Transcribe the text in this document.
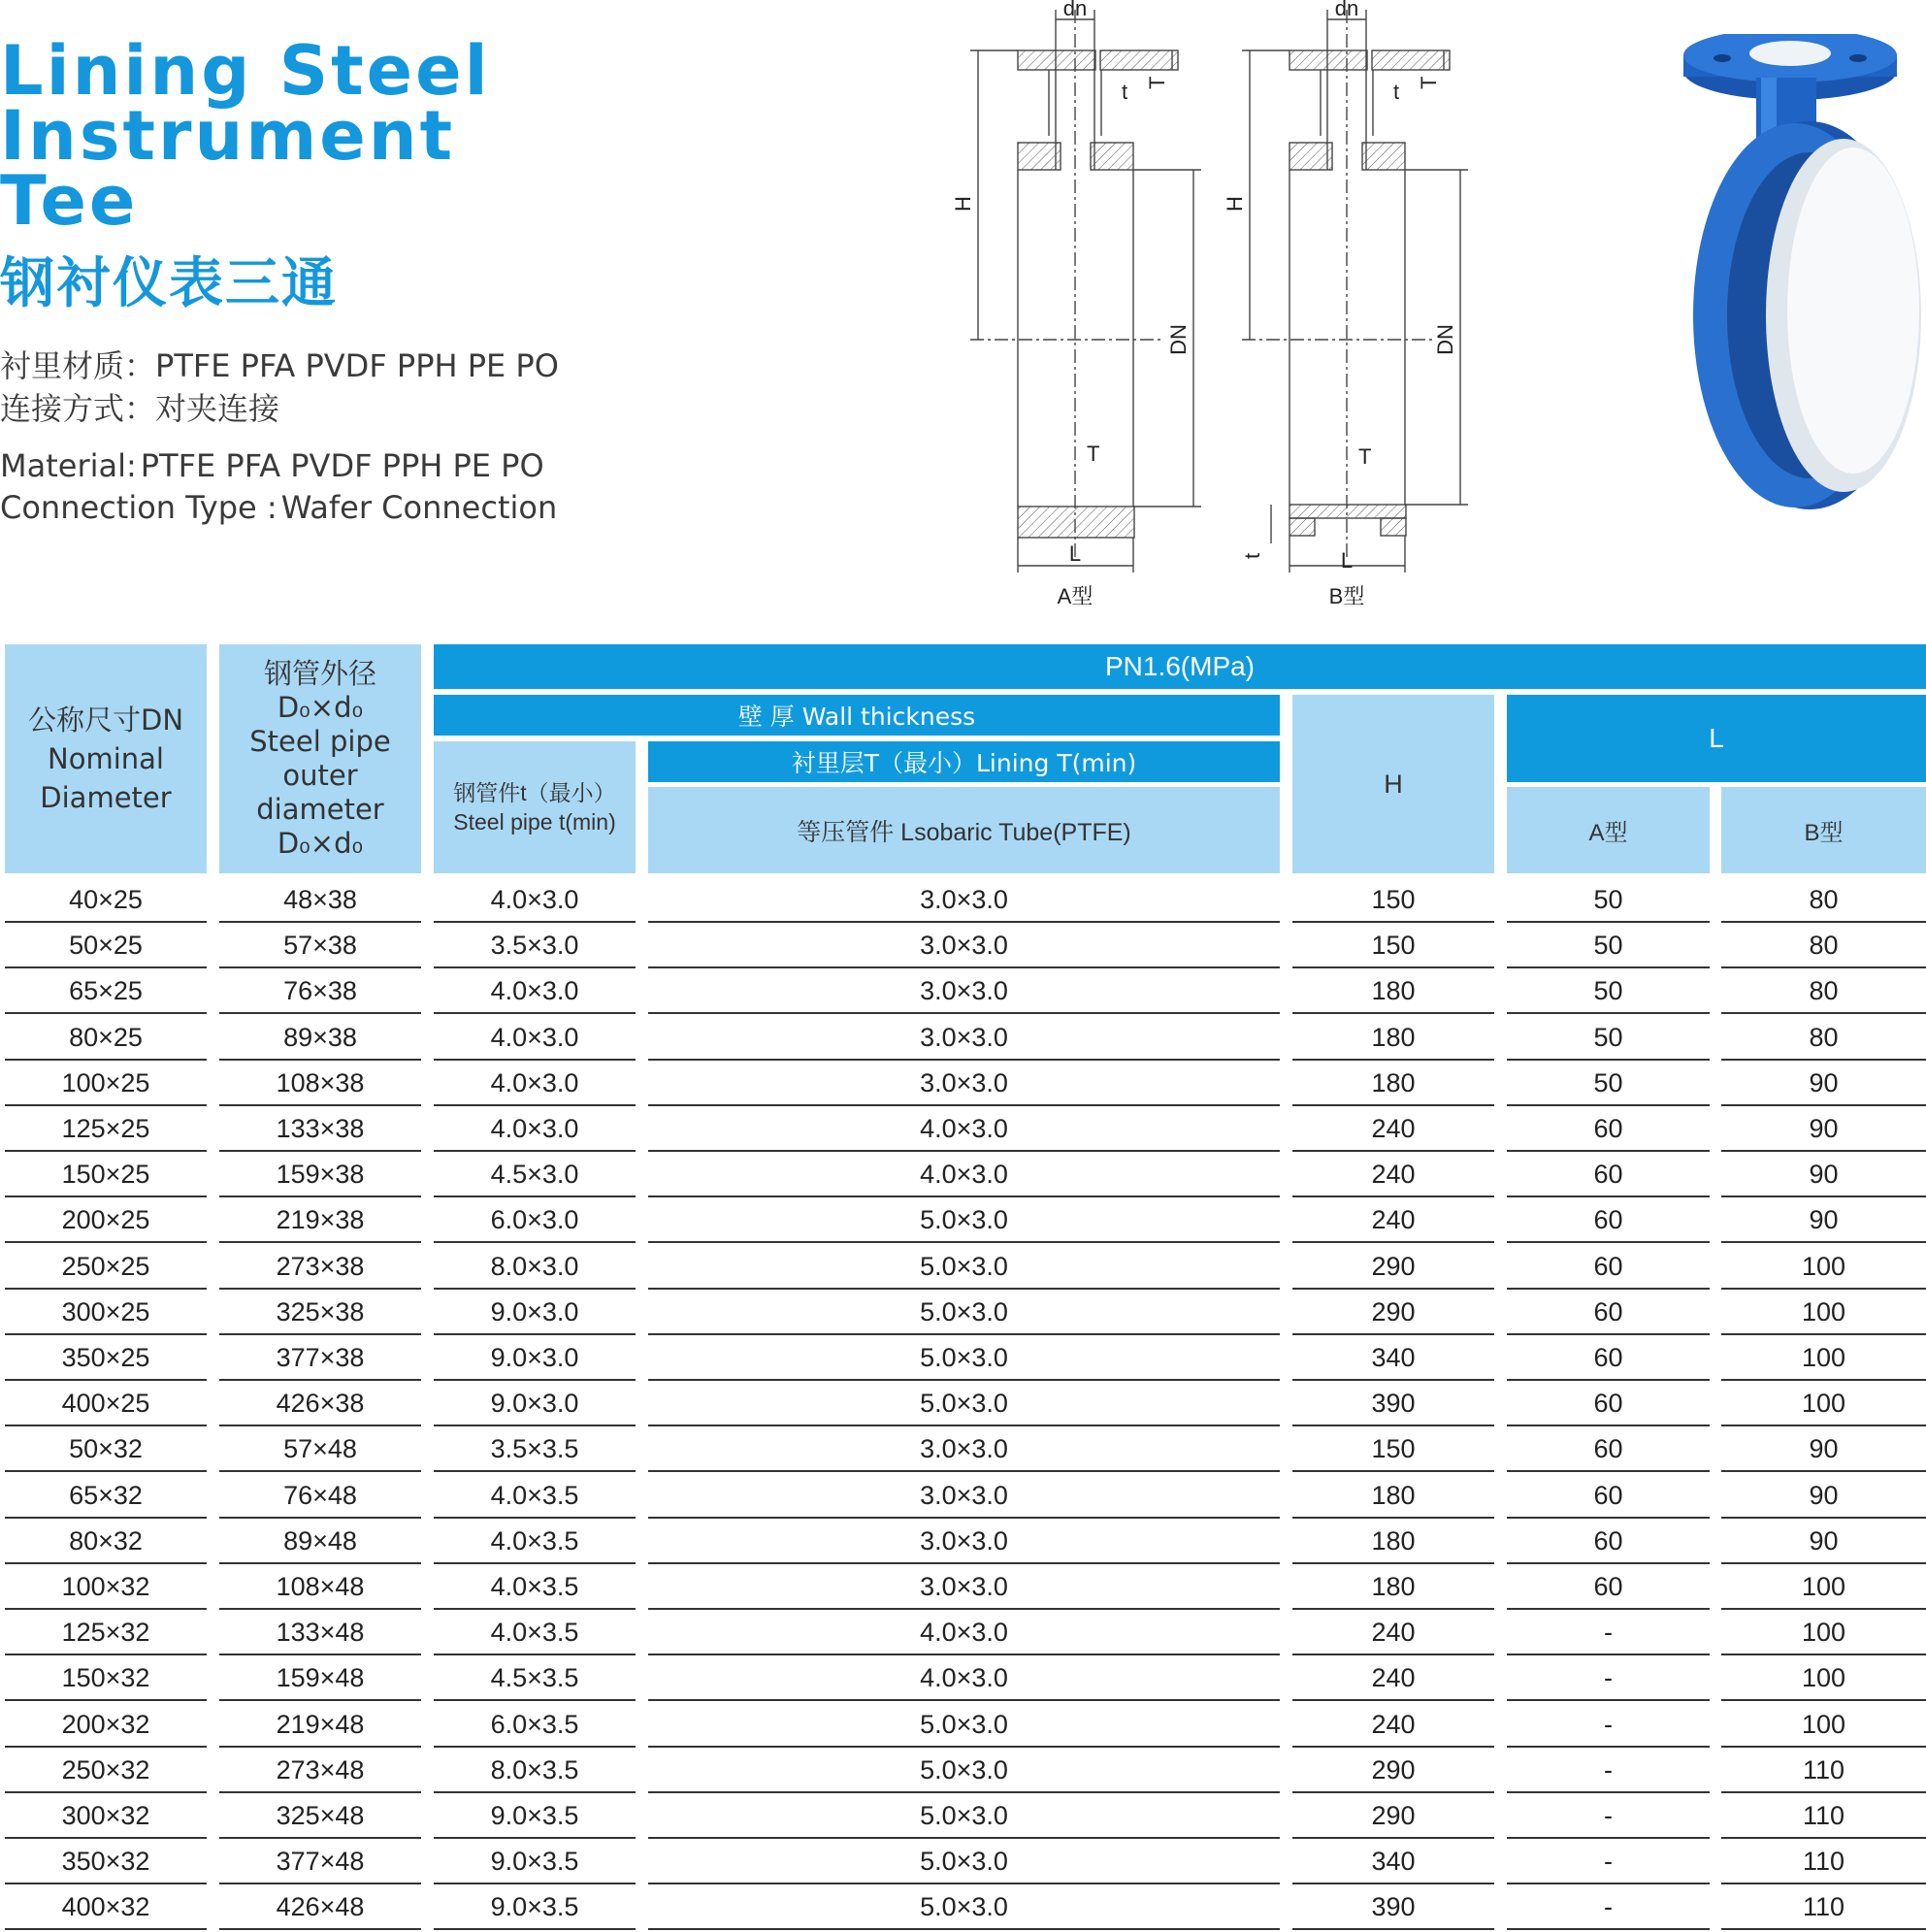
Lining Steel
Instrument
Tee
钢衬仪表三通
衬里材质：PTFE PFA PVDF PPH PE PO
连接方式：对夹连接
Material: PTFE PFA PVDF PPH PE PO
Connection Type : Wafer Connection
dn	dn
H	H
DN	DN
T	T
t	t
T	T
t
L	L
A型	B型
公称尺寸DN
Nominal
Diameter
钢管外径
D₀×d₀
Steel pipe
outer
diameter
D₀×d₀
PN1.6(MPa)
壁 厚 Wall thickness
钢管件t（最小）
Steel pipe t(min)
衬里层T（最小）Lining T(min)
等压管件 Lsobaric Tube(PTFE)
H
L
A型	B型
40×25	48×38	4.0×3.0	3.0×3.0	150	50	80
50×25	57×38	3.5×3.0	3.0×3.0	150	50	80
65×25	76×38	4.0×3.0	3.0×3.0	180	50	80
80×25	89×38	4.0×3.0	3.0×3.0	180	50	80
100×25	108×38	4.0×3.0	3.0×3.0	180	50	90
125×25	133×38	4.0×3.0	4.0×3.0	240	60	90
150×25	159×38	4.5×3.0	4.0×3.0	240	60	90
200×25	219×38	6.0×3.0	5.0×3.0	240	60	90
250×25	273×38	8.0×3.0	5.0×3.0	290	60	100
300×25	325×38	9.0×3.0	5.0×3.0	290	60	100
350×25	377×38	9.0×3.0	5.0×3.0	340	60	100
400×25	426×38	9.0×3.0	5.0×3.0	390	60	100
50×32	57×48	3.5×3.5	3.0×3.0	150	60	90
65×32	76×48	4.0×3.5	3.0×3.0	180	60	90
80×32	89×48	4.0×3.5	3.0×3.0	180	60	90
100×32	108×48	4.0×3.5	3.0×3.0	180	60	100
125×32	133×48	4.0×3.5	4.0×3.0	240	-	100
150×32	159×48	4.5×3.5	4.0×3.0	240	-	100
200×32	219×48	6.0×3.5	5.0×3.0	240	-	100
250×32	273×48	8.0×3.5	5.0×3.0	290	-	110
300×32	325×48	9.0×3.5	5.0×3.0	290	-	110
350×32	377×48	9.0×3.5	5.0×3.0	340	-	110
400×32	426×48	9.0×3.5	5.0×3.0	390	-	110
